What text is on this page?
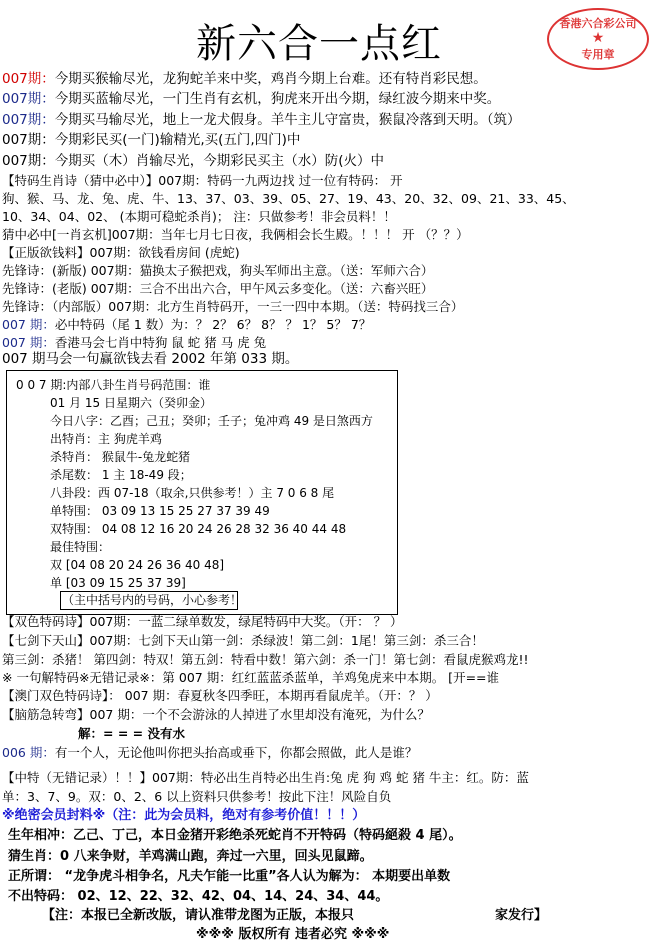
新六合一点红	香港六合彩公司
★
专用章
007期：今期买猴输尽光，龙狗蛇羊来中奖，鸡肖今期上台难。还有特肖彩民想。
007期：今期买蓝输尽光，一门生肖有玄机，狗虎来开出今期，绿红波今期来中奖。
007期：今期买马输尽光，地上一龙犬假身。羊牛主儿守富贵，猴鼠冷落到天明。（筑）
007期：今期彩民买(一门)输精光,买(五门,四门)中
007期：今期买（木）肖输尽光，今期彩民买主（水）防(火）中
【特码生肖诗（猜中必中）】007期：特码一九两边找 过一位有特码： 开
狗、猴、马、龙、兔、虎、牛、13、37、03、39、05、27、19、43、20、32、09、21、33、45、
10、34、04、02、 (本期可稳蛇杀肖)； 注：只做参考！非会员料！！
猜中必中[一肖玄机]007期：当年七月七日夜，我俩相会长生殿。！！！ 开 （？？）
【正版欲钱料】007期：欲钱看房间 (虎蛇)
先锋诗：(新版) 007期：猫换太子猴把戏，狗头军师出主意。（送：军师六合）
先锋诗：(老版) 007期：三合不出出六合，甲午风云多变化。（送：六畜兴旺）
先锋诗：（内部版）007期：北方生肖特码开，一三一四中本期。（送：特码找三合）
007 期：必中特码（尾 1 数）为：？ 2？ 6？ 8？ ？ 1？ 5？ 7？
007 期：香港马会七肖中特狗 鼠 蛇 猪 马 虎 兔
007 期马会一句赢欲钱去看 2002 年第 033 期。
0 0 7 期:内部八卦生肖号码范围：谁
01 月 15 日星期六（癸卯金）
今日八字：乙酉；己丑；癸卯；壬子；兔冲鸡 49 是日煞西方
出特肖：主 狗虎羊鸡
杀特肖： 猴鼠牛-兔龙蛇猪
杀尾数： 1 主 18-49 段；
八卦段：西 07-18（取余,只供参考！）主 7 0 6 8 尾
单特围： 03 09 13 15 25 27 37 39 49
双特围： 04 08 12 16 20 24 26 28 32 36 40 44 48
最佳特围：
双 [04 08 20 24 26 36 40 48]
单 [03 09 15 25 37 39]
（主中括号内的号码，小心参考！
【双色特码诗】007期：一蓝二绿单数发，绿尾特码中大奖。（开： ？ ）
【七剑下天山】007期：七剑下天山第一剑：杀绿波！第二剑：1尾！第三剑：杀三合！
第三剑：杀猪！ 第四剑：特双！第五剑：特看中数！第六剑：杀一门！第七剑：看鼠虎猴鸡龙!!
※ 一句解特码※无错记录※：第 007 期：红红蓝蓝杀蓝单，羊鸡兔虎来中本期。 [开==谁
【澳门双色特码诗】： 007 期：春夏秋冬四季旺，本期再看鼠虎羊。（开：？ ）
【脑筋急转弯】007 期：一个不会游泳的人掉进了水里却没有淹死，为什么？
解：= = = 没有水
006 期：有一个人，无论他叫你把头抬高或垂下，你都会照做，此人是谁？
【中特（无错记录）！！】007期：特必出生肖特必出生肖:兔 虎 狗 鸡 蛇 猪 牛主：红。防：蓝
单：3、7、9。双：0、2、6 以上资料只供参考！按此下注！风险自负
※绝密会员封料※（注：此为会员料，绝对有参考价值！！！）
生年相冲：乙己、丁己，本日金猪开彩绝杀死蛇肖不开特码（特码絕殺 4 尾）。
猜生肖：0 八来争财，羊鸡满山跑，奔过一六里，回头见鼠蹄。
正所谓： “龙争虎斗相争名，凡夫乍能一比重”各人认为解为： 本期要出单数
不出特码： 02、12、22、32、42、04、14、24、34、44。
【注：本报已全新改版，请认准带龙图为正版，本报只	家发行】
※※※ 版权所有 违者必究 ※※※
